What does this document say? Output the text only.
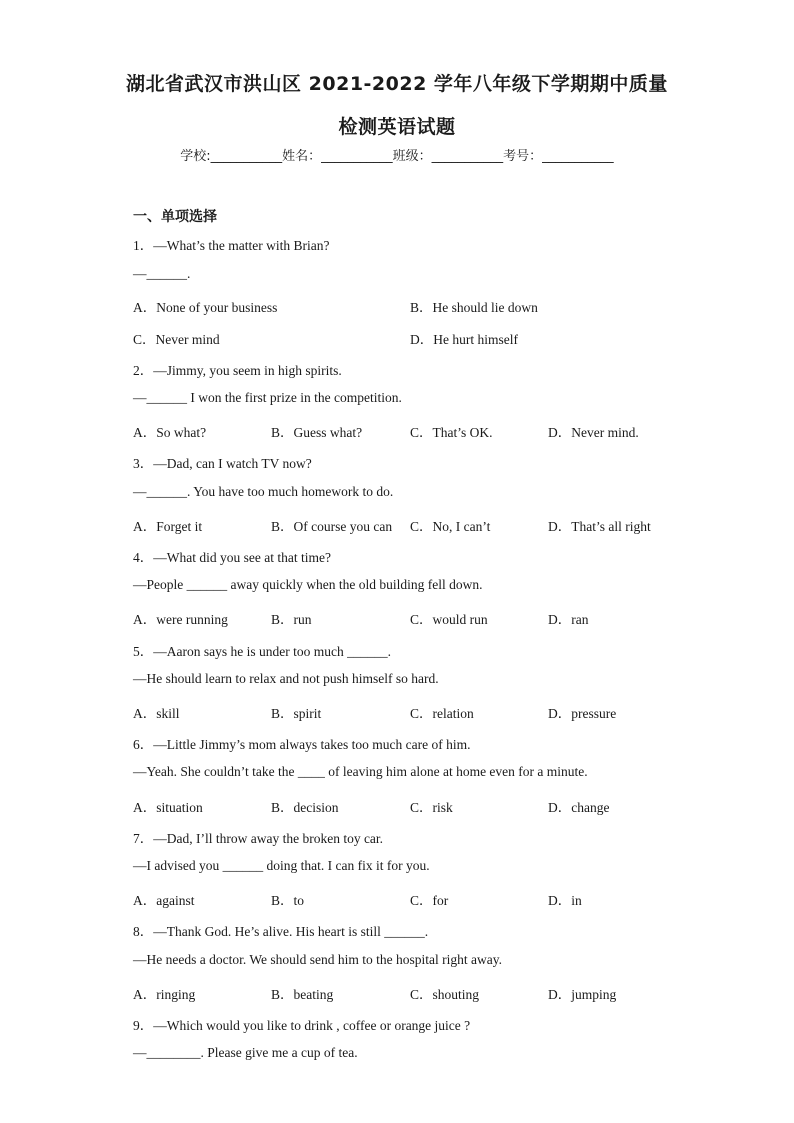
湖北省武汉市洪山区 2021-2022 学年八年级下学期期中质量
检测英语试题
学校:___________姓名：___________班级：___________考号：___________
一、单项选择
1．—What’s the matter with Brian?
—______.
A．None of your business	B．He should lie down
C．Never mind	D．He hurt himself
2．—Jimmy, you seem in high spirits.
—______ I won the first prize in the competition.
A．So what?	B．Guess what?	C．That’s OK.	D．Never mind.
3．—Dad, can I watch TV now?
—______. You have too much homework to do.
A．Forget it	B．Of course you can C．No, I can’t	D．That’s all right
4．—What did you see at that time?
—People ______ away quickly when the old building fell down.
A．were running	B．run	C．would run	D．ran
5．—Aaron says he is under too much ______.
—He should learn to relax and not push himself so hard.
A．skill	B．spirit	C．relation	D．pressure
6．—Little Jimmy’s mom always takes too much care of him.
—Yeah. She couldn’t take the ____ of leaving him alone at home even for a minute.
A．situation	B．decision	C．risk	D．change
7．—Dad, I’ll throw away the broken toy car.
—I advised you ______ doing that. I can fix it for you.
A．against	B．to	C．for	D．in
8．—Thank God. He’s alive. His heart is still ______.
—He needs a doctor. We should send him to the hospital right away.
A．ringing	B．beating	C．shouting	D．jumping
9．—Which would you like to drink , coffee or orange juice ?
—________. Please give me a cup of tea.
